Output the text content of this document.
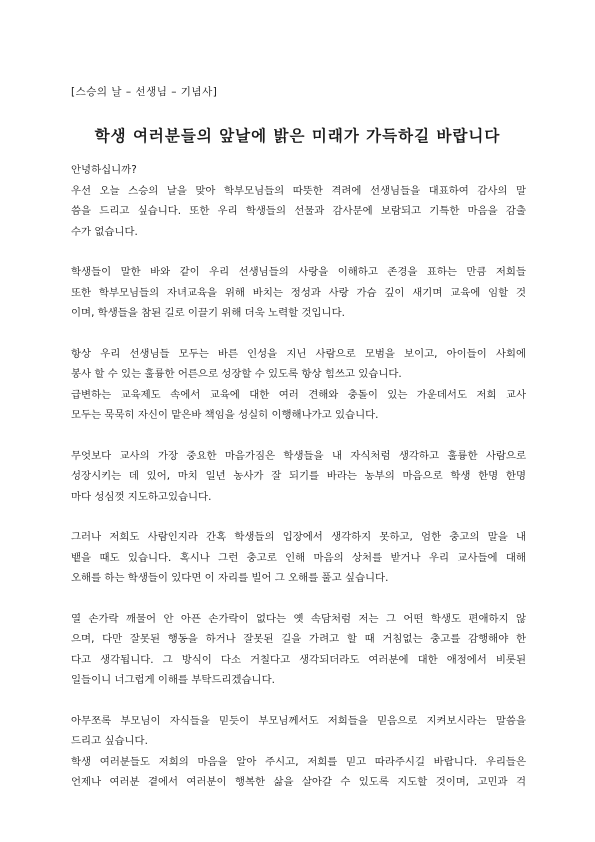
[스승의 날 – 선생님 – 기념사]
학생 여러분들의 앞날에 밝은 미래가 가득하길 바랍니다
안녕하십니까?
우선 오늘 스승의 날을 맞아 학부모님들의 따뜻한 격려에 선생님들을 대표하여 감사의 말
씀을 드리고 싶습니다. 또한 우리 학생들의 선물과 감사문에 보람되고 기특한 마음을 감출
수가 없습니다.
학생들이 말한 바와 같이 우리 선생님들의 사랑을 이해하고 존경을 표하는 만큼 저희들
또한 학부모님들의 자녀교육을 위해 바치는 정성과 사랑 가슴 깊이 새기며 교육에 임할 것
이며, 학생들을 참된 길로 이끌기 위해 더욱 노력할 것입니다.
항상 우리 선생님들 모두는 바른 인성을 지닌 사람으로 모범을 보이고, 아이들이 사회에
봉사 할 수 있는 훌륭한 어른으로 성장할 수 있도록 항상 힘쓰고 있습니다.
급변하는 교육제도 속에서 교육에 대한 여러 견해와 충돌이 있는 가운데서도 저희 교사
모두는 묵묵히 자신이 맡은바 책임을 성실히 이행해나가고 있습니다.
무엇보다 교사의 가장 중요한 마음가짐은 학생들을 내 자식처럼 생각하고 훌륭한 사람으로
성장시키는 데 있어, 마치 일년 농사가 잘 되기를 바라는 농부의 마음으로 학생 한명 한명
마다 성심껏 지도하고있습니다.
그러나 저희도 사람인지라 간혹 학생들의 입장에서 생각하지 못하고, 엄한 충고의 말을 내
뱉을 때도 있습니다. 혹시나 그런 충고로 인해 마음의 상처를 받거나 우리 교사들에 대해
오해를 하는 학생들이 있다면 이 자리를 빌어 그 오해를 풀고 싶습니다.
열 손가락 깨물어 안 아픈 손가락이 없다는 옛 속담처럼 저는 그 어떤 학생도 편애하지 않
으며, 다만 잘못된 행동을 하거나 잘못된 길을 가려고 할 때 거침없는 충고를 감행해야 한
다고 생각됩니다. 그 방식이 다소 거칠다고 생각되더라도 여러분에 대한 애정에서 비롯된
일들이니 너그럽게 이해를 부탁드리겠습니다.
아무쪼록 부모님이 자식들을 믿듯이 부모님께서도 저희들을 믿음으로 지켜보시라는 말씀을
드리고 싶습니다.
학생 여러분들도 저희의 마음을 알아 주시고, 저희를 믿고 따라주시길 바랍니다. 우리들은
언제나 여러분 곁에서 여러분이 행복한 삶을 살아갈 수 있도록 지도할 것이며, 고민과 걱
